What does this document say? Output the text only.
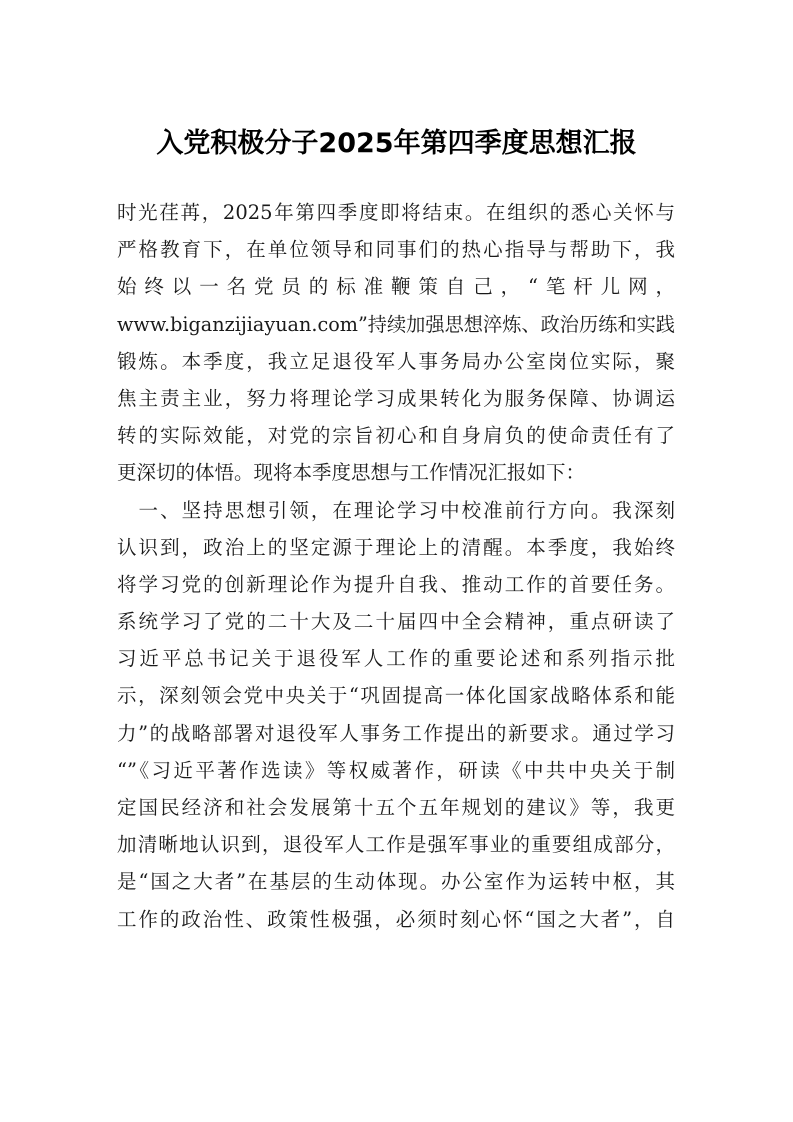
入党积极分子2025年第四季度思想汇报
时光荏苒，2025年第四季度即将结束。在组织的悉心关怀与
严格教育下，在单位领导和同事们的热心指导与帮助下，我
始终以一名党员的标准鞭策自己，“笔杆儿网，
www.biganzijiayuan.com”持续加强思想淬炼、政治历练和实践
锻炼。本季度，我立足退役军人事务局办公室岗位实际，聚
焦主责主业，努力将理论学习成果转化为服务保障、协调运
转的实际效能，对党的宗旨初心和自身肩负的使命责任有了
更深切的体悟。现将本季度思想与工作情况汇报如下：
　一、坚持思想引领，在理论学习中校准前行方向。我深刻
认识到，政治上的坚定源于理论上的清醒。本季度，我始终
将学习党的创新理论作为提升自我、推动工作的首要任务。
系统学习了党的二十大及二十届四中全会精神，重点研读了
习近平总书记关于退役军人工作的重要论述和系列指示批
示，深刻领会党中央关于“巩固提高一体化国家战略体系和能
力”的战略部署对退役军人事务工作提出的新要求。通过学习
“”《习近平著作选读》等权威著作，研读《中共中央关于制
定国民经济和社会发展第十五个五年规划的建议》等，我更
加清晰地认识到，退役军人工作是强军事业的重要组成部分，
是“国之大者”在基层的生动体现。办公室作为运转中枢，其
工作的政治性、政策性极强，必须时刻心怀“国之大者”，自
